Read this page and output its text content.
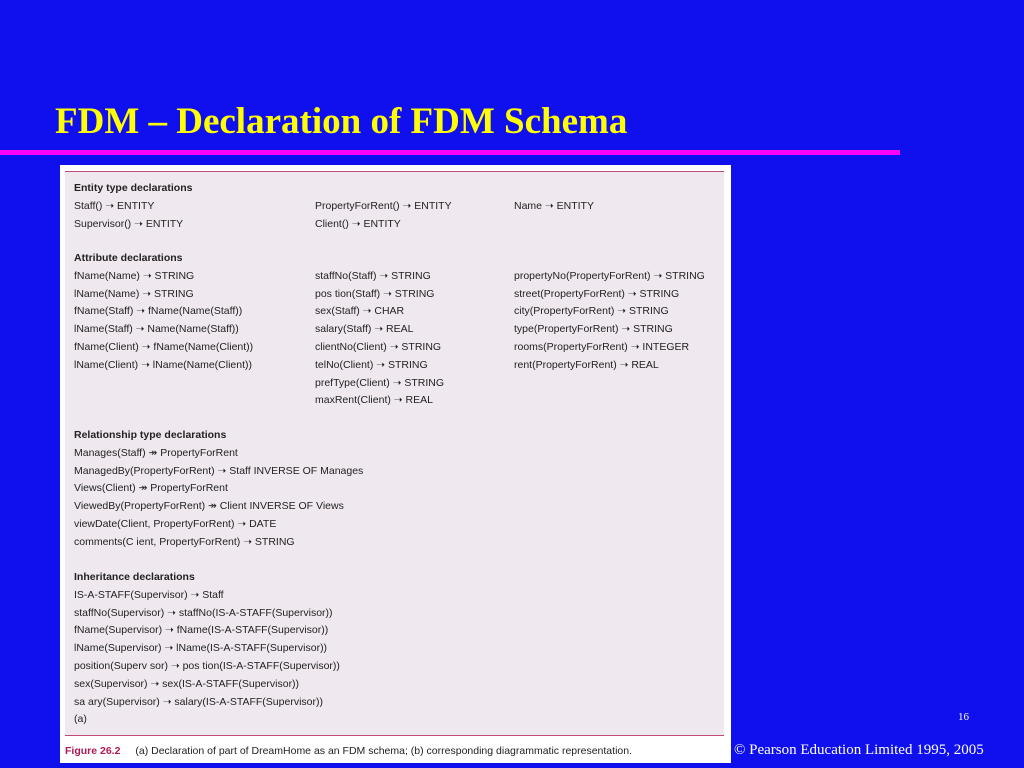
FDM – Declaration of FDM Schema
Entity type declarations
Staff() ➝ ENTITY
Supervisor() ➝ ENTITY
PropertyForRent() ➝ ENTITY
Client() ➝ ENTITY
Name ➝ ENTITY
Attribute declarations
fName(Name) ➝ STRING
lName(Name) ➝ STRING
fName(Staff) ➝ fName(Name(Staff))
lName(Staff) ➝ Name(Name(Staff))
fName(Client) ➝ fName(Name(Client))
lName(Client) ➝ lName(Name(Client))
staffNo(Staff) ➝ STRING
pos tion(Staff) ➝ STRING
sex(Staff) ➝ CHAR
salary(Staff) ➝ REAL
clientNo(Client) ➝ STRING
telNo(Client) ➝ STRING
prefType(Client) ➝ STRING
maxRent(Client) ➝ REAL
propertyNo(PropertyForRent) ➝ STRING
street(PropertyForRent) ➝ STRING
city(PropertyForRent) ➝ STRING
type(PropertyForRent) ➝ STRING
rooms(PropertyForRent) ➝ INTEGER
rent(PropertyForRent) ➝ REAL
Relationship type declarations
Manages(Staff) ↠ PropertyForRent
ManagedBy(PropertyForRent) ➝ Staff INVERSE OF Manages
Views(Client) ↠ PropertyForRent
ViewedBy(PropertyForRent) ↠ Client INVERSE OF Views
viewDate(Client, PropertyForRent) ➝ DATE
comments(C ient, PropertyForRent) ➝ STRING
Inheritance declarations
IS-A-STAFF(Supervisor) ➝ Staff
staffNo(Supervisor) ➝ staffNo(IS-A-STAFF(Supervisor))
fName(Supervisor) ➝ fName(IS-A-STAFF(Supervisor))
lName(Supervisor) ➝ lName(IS-A-STAFF(Supervisor))
position(Superv sor) ➝ pos tion(IS-A-STAFF(Supervisor))
sex(Supervisor) ➝ sex(IS-A-STAFF(Supervisor))
sa ary(Supervisor) ➝ salary(IS-A-STAFF(Supervisor))
(a)
Figure 26.2 (a) Declaration of part of DreamHome as an FDM schema; (b) corresponding diagrammatic representation.
16
© Pearson Education Limited 1995, 2005
